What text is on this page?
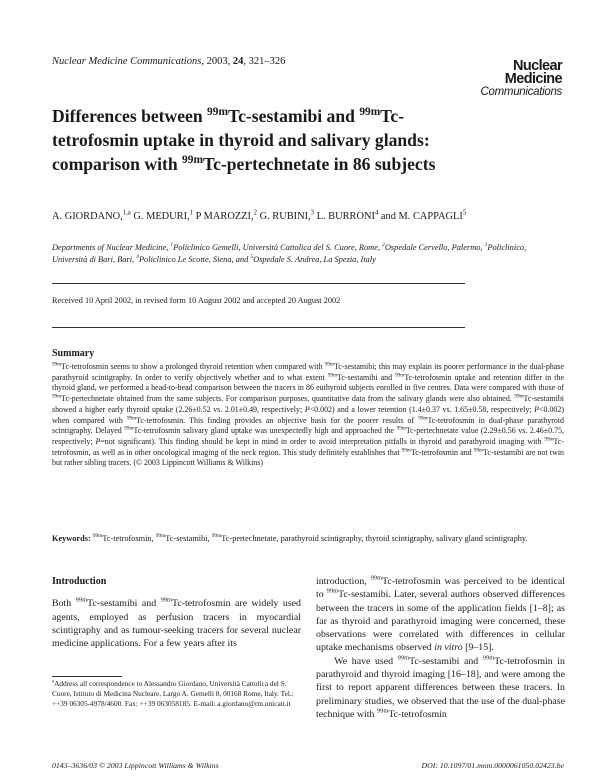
Nuclear Medicine Communications, 2003, 24, 321–326	Nuclear
Medicine
Communications
Differences between $^{99m}$Tc-sestamibi and $^{99m}$Tc-tetrofosmin uptake in thyroid and salivary glands: comparison with $^{99m}$Tc-pertechnetate in 86 subjects
A. GIORDANO,$^{1,a}$ G. MEDURI,$^1$ P MAROZZI,$^2$ G. RUBINI,$^3$ L. BURRONI$^4$ and M. CAPPAGLI$^5$
Departments of Nuclear Medicine, $^1$Policlinico Gemelli, Università Cattolica del S. Cuore, Rome, $^2$Ospedale Cervello, Palermo, $^3$Policlinico, Università di Bari, Bari, $^4$Policlinico Le Scotte, Siena, and $^5$Ospedale S. Andrea, La Spezia, Italy
Received 10 April 2002, in revised form 10 August 2002 and accepted 20 August 2002
Summary

$^{99m}$Tc-tetrofosmin seems to show a prolonged thyroid retention when compared with $^{99m}$Tc-sestamibi; this may explain its poorer performance in the dual-phase parathyroid scintigraphy. In order to verify objectively whether and to what extent $^{99m}$Tc-sestamibi and $^{99m}$Tc-tetrofosmin uptake and retention differ in the thyroid gland, we performed a head-to-head comparison between the tracers in 86 euthyroid subjects enrolled in five centres. Data were compared with those of $^{99m}$Tc-pertechnetate obtained from the same subjects. For comparison purposes, quantitative data from the salivary glands were also obtained. $^{99m}$Tc-sestamibi showed a higher early thyroid uptake (2.26±0.52 vs. 2.01±0.49, respectively; P<0.002) and a lower retention (1.4±0.37 vs. 1.65±0.58, respectively; P<0.002) when compared with $^{99m}$Tc-tetrofosmin. This finding provides an objective basis for the poorer results of $^{99m}$Tc-tetrofosmin in dual-phase parathyroid scintigraphy. Delayed $^{99m}$Tc-tetrofosmin salivary gland uptake was unexpectedly high and approached the $^{99m}$Tc-pertechnetate value (2.29±0.56 vs. 2.46±0.75, respectively; P=not significant). This finding should be kept in mind in order to avoid interpretation pitfalls in thyroid and parathyroid imaging with $^{99m}$Tc-tetrofosmin, as well as in other oncological imaging of the neck region. This study definitely establishes that $^{99m}$Tc-tetrofosmin and $^{99m}$Tc-sestamibi are not twin but rather sibling tracers. (© 2003 Lippincott Williams & Wilkins)

Keywords: $^{99m}$Tc-tetrofosmin, $^{99m}$Tc-sestamibi, $^{99m}$Tc-pertechnetate, parathyroid scintigraphy, thyroid scintigraphy, salivary gland scintigraphy.

Introduction

Both $^{99m}$Tc-sestamibi and $^{99m}$Tc-tetrofosmin are widely used agents, employed as perfusion tracers in myocardial scintigraphy and as tumour-seeking tracers for several nuclear medicine applications. For a few years after its

introduction, $^{99m}$Tc-tetrofosmin was perceived to be identical to $^{99m}$Tc-sestamibi. Later, several authors observed differences between the tracers in some of the application fields [1–8]; as far as thyroid and parathyroid imaging were concerned, these observations were correlated with differences in cellular uptake mechanisms observed in vitro [9–15].
We have used $^{99m}$Tc-sestamibi and $^{99m}$Tc-tetrofosmin in parathyroid and thyroid imaging [16–18], and were among the first to report apparent differences between these tracers. In preliminary studies, we observed that the use of the dual-phase technique with $^{99m}$Tc-tetrofosmin

$^a$Address all correspondence to Alessandro Giordano, Università Cattolica del S. Cuore, Istituto di Medicina Nucleare, Largo A. Gemelli 8, 00168 Rome, Italy. Tel.: ++39 06305-4978/4600. Fax: ++39 063058185. E-mail: a.giordano@rm.unicatt.it

0143–3636/03 © 2003 Lippincott Williams & Wilkins	DOI: 10.1097/01.mnm.0000061050.02423.be
